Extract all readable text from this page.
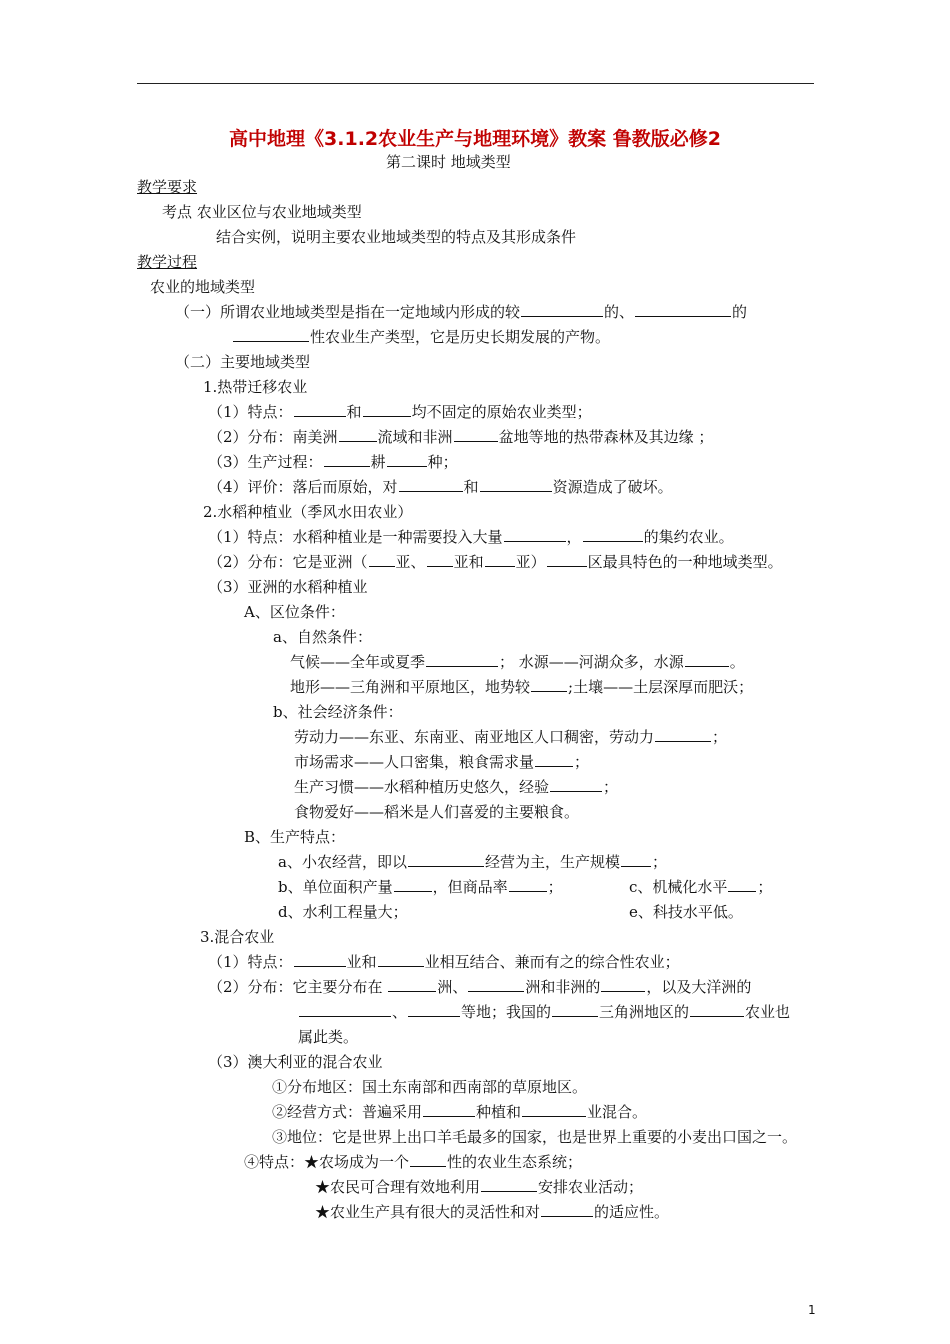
高中地理《3.1.2农业生产与地理环境》教案 鲁教版必修2
第二课时 地域类型
教学要求
考点 农业区位与农业地域类型
结合实例，说明主要农业地域类型的特点及其形成条件
教学过程
农业的地域类型
（一）所谓农业地域类型是指在一定地域内形成的较	的、	的
性农业生产类型，它是历史长期发展的产物。
（二）主要地域类型
1.热带迁移农业
（1）特点：	和	均不固定的原始农业类型；
（2）分布：南美洲	流域和非洲	盆地等地的热带森林及其边缘 ；
（3）生产过程：	耕	种；
（4）评价：落后而原始，对	和	资源造成了破坏。
2.水稻种植业（季风水田农业）
（1）特点：水稻种植业是一种需要投入大量	，	的集约农业。
（2）分布：它是亚洲（ 亚、 亚和 亚）	区最具特色的一种地域类型。
（3）亚洲的水稻种植业
A、区位条件：
a、自然条件：
气候——全年或夏季	； 水源——河湖众多，水源	。
地形——三角洲和平原地区，地势较	;土壤——土层深厚而肥沃；
b、社会经济条件：
劳动力——东亚、东南亚、南亚地区人口稠密，劳动力	；
市场需求——人口密集，粮食需求量	；
生产习惯——水稻种植历史悠久，经验	；
食物爱好——稻米是人们喜爱的主要粮食。
B、生产特点：
a、小农经营，即以	经营为主，生产规模 ；
b、单位面积产量	，但商品率	；	c、机械化水平 ；
d、水利工程量大；	e、科技水平低。
3.混合农业
（1）特点：	业和	业相互结合、兼而有之的综合性农业；
（2）分布：它主要分布在	洲、	洲和非洲的	，以及大洋洲的
、	等地；我国的	三角洲地区的	农业也
属此类。
（3）澳大利亚的混合农业
①分布地区：国土东南部和西南部的草原地区。
②经营方式：普遍采用	种植和	业混合。
③地位：它是世界上出口羊毛最多的国家，也是世界上重要的小麦出口国之一。
④特点：★农场成为一个	性的农业生态系统；
★农民可合理有效地利用	安排农业活动；
★农业生产具有很大的灵活性和对	的适应性。
1
